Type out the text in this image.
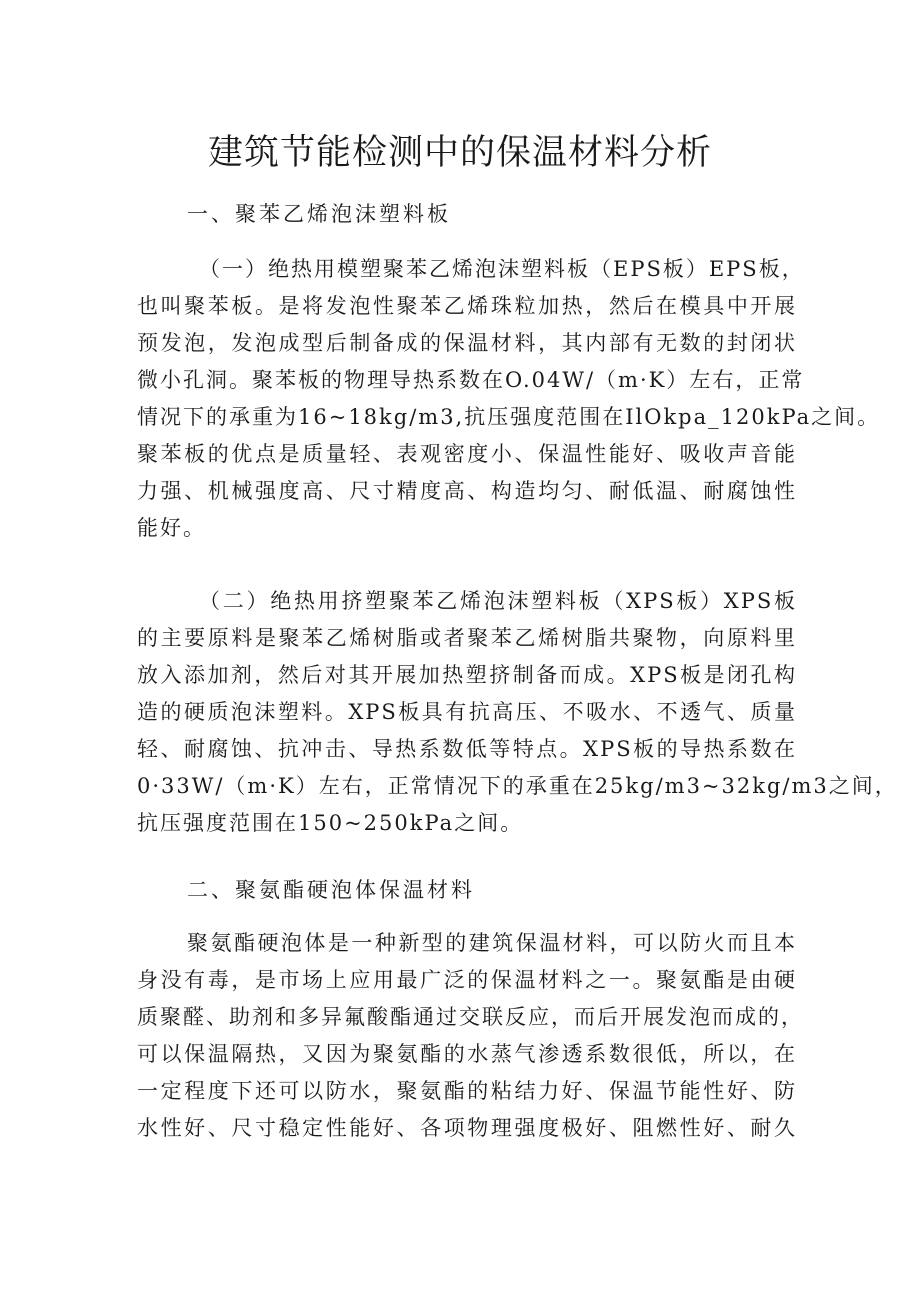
建筑节能检测中的保温材料分析
一、聚苯乙烯泡沫塑料板
（一）绝热用模塑聚苯乙烯泡沫塑料板（EPS板）EPS板，
也叫聚苯板。是将发泡性聚苯乙烯珠粒加热，然后在模具中开展
预发泡，发泡成型后制备成的保温材料，其内部有无数的封闭状
微小孔洞。聚苯板的物理导热系数在O.04W/（m·K）左右，正常
情况下的承重为16~18kg∕m3,抗压强度范围在IlOkpa_120kPa之间。
聚苯板的优点是质量轻、表观密度小、保温性能好、吸收声音能
力强、机械强度高、尺寸精度高、构造均匀、耐低温、耐腐蚀性
能好。
（二）绝热用挤塑聚苯乙烯泡沫塑料板（XPS板）XPS板
的主要原料是聚苯乙烯树脂或者聚苯乙烯树脂共聚物，向原料里
放入添加剂，然后对其开展加热塑挤制备而成。XPS板是闭孔构
造的硬质泡沫塑料。XPS板具有抗高压、不吸水、不透气、质量
轻、耐腐蚀、抗冲击、导热系数低等特点。XPS板的导热系数在
0·33W/（m·K）左右，正常情况下的承重在25kg∕m3~32kg∕m3之间，
抗压强度范围在150~250kPa之间。
二、聚氨酯硬泡体保温材料
聚氨酯硬泡体是一种新型的建筑保温材料，可以防火而且本
身没有毒，是市场上应用最广泛的保温材料之一。聚氨酯是由硬
质聚醛、助剂和多异氟酸酯通过交联反应，而后开展发泡而成的，
可以保温隔热，又因为聚氨酯的水蒸气渗透系数很低，所以，在
一定程度下还可以防水，聚氨酯的粘结力好、保温节能性好、防
水性好、尺寸稳定性能好、各项物理强度极好、阻燃性好、耐久
